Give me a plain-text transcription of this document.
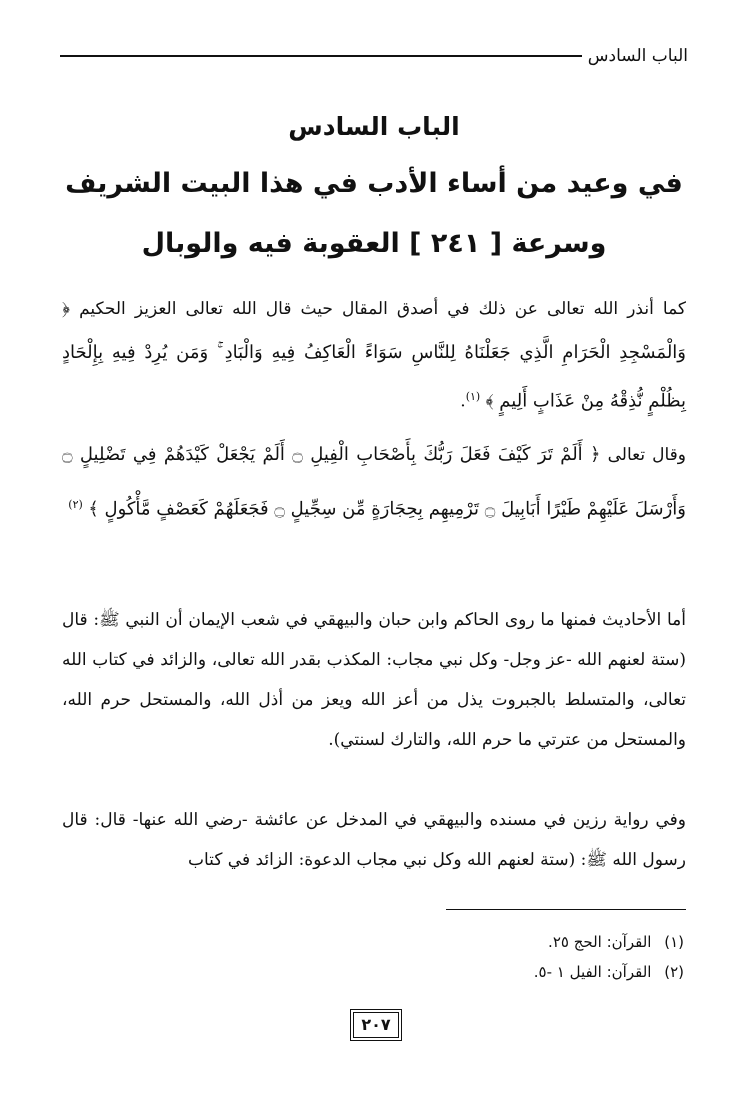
الباب السادس
الباب السادس
في وعيد من أساء الأدب في هذا البيت الشريف
وسرعة [ ٢٤١ ] العقوبة فيه والوبال
كما أنذر الله تعالى عن ذلك في أصدق المقال حيث قال الله تعالى العزيز الحكيم ﴿ وَالْمَسْجِدِ الْحَرَامِ الَّذِي جَعَلْنَاهُ لِلنَّاسِ سَوَاءً الْعَاكِفُ فِيهِ وَالْبَادِ ۚ وَمَن يُرِدْ فِيهِ بِإِلْحَادٍ بِظُلْمٍ نُّذِقْهُ مِنْ عَذَابٍ أَلِيمٍ ﴾ $^{(١)}$.
وقال تعالى ﴿ أَلَمْ تَرَ كَيْفَ فَعَلَ رَبُّكَ بِأَصْحَابِ الْفِيلِ ۝ أَلَمْ يَجْعَلْ كَيْدَهُمْ فِي تَضْلِيلٍ ۝ وَأَرْسَلَ عَلَيْهِمْ طَيْرًا أَبَابِيلَ ۝ تَرْمِيهِم بِحِجَارَةٍ مِّن سِجِّيلٍ ۝ فَجَعَلَهُمْ كَعَصْفٍ مَّأْكُولٍ ﴾ $^{(٢)}$
أما الأحاديث فمنها ما روى الحاكم وابن حبان والبيهقي في شعب الإيمان أن النبي ﷺ: قال (ستة لعنهم الله -عز وجل- وكل نبي مجاب: المكذب بقدر الله تعالى، والزائد في كتاب الله تعالى، والمتسلط بالجبروت يذل من أعز الله ويعز من أذل الله، والمستحل حرم الله، والمستحل من عترتي ما حرم الله، والتارك لسنتي).
وفي رواية رزين في مسنده والبيهقي في المدخل عن عائشة -رضي الله عنها- قال: قال رسول الله ﷺ: (ستة لعنهم الله وكل نبي مجاب الدعوة: الزائد في كتاب
(١) القرآن: الحج ٢٥.
(٢) القرآن: الفيل ١ -٥.
٢٠٧
